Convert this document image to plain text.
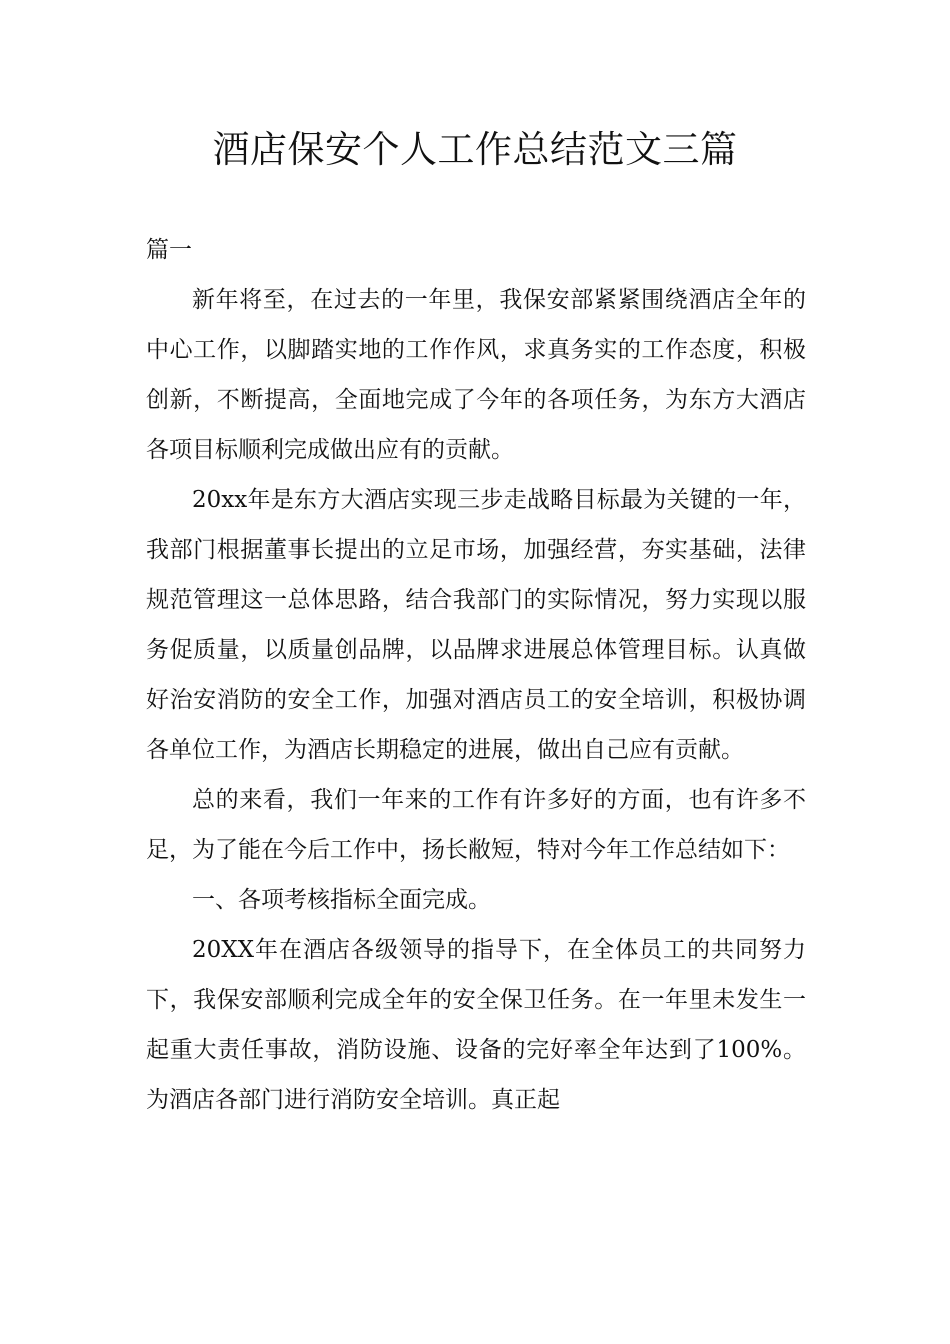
酒店保安个人工作总结范文三篇

篇一

新年将至，在过去的一年里，我保安部紧紧围绕酒店全年的中心工作，以脚踏实地的工作作风，求真务实的工作态度，积极创新，不断提高，全面地完成了今年的各项任务，为东方大酒店各项目标顺利完成做出应有的贡献。

20xx年是东方大酒店实现三步走战略目标最为关键的一年，我部门根据董事长提出的立足市场，加强经营，夯实基础，法律规范管理这一总体思路，结合我部门的实际情况，努力实现以服务促质量，以质量创品牌，以品牌求进展总体管理目标。认真做好治安消防的安全工作，加强对酒店员工的安全培训，积极协调各单位工作，为酒店长期稳定的进展，做出自己应有贡献。

总的来看，我们一年来的工作有许多好的方面，也有许多不足，为了能在今后工作中，扬长敝短，特对今年工作总结如下：

一、各项考核指标全面完成。

20XX年在酒店各级领导的指导下，在全体员工的共同努力下，我保安部顺利完成全年的安全保卫任务。在一年里未发生一起重大责任事故，消防设施、设备的完好率全年达到了100%。为酒店各部门进行消防安全培训。真正起
